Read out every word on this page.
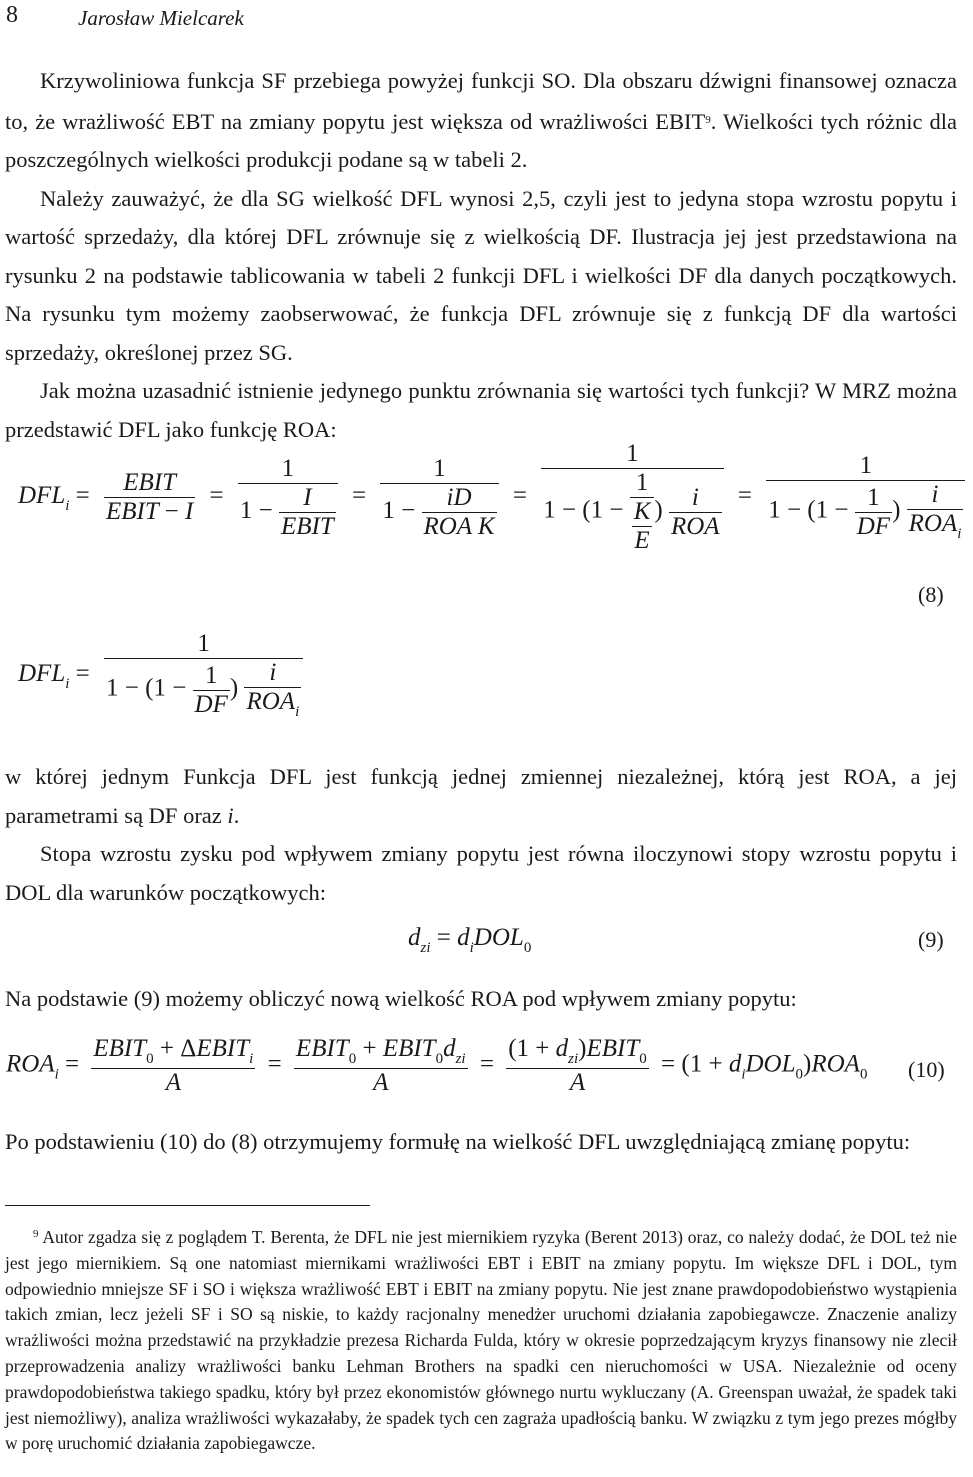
8	Jarosław Mielcarek

Krzywoliniowa funkcja SF przebiega powyżej funkcji SO. Dla obszaru dźwigni finansowej oznacza to, że wrażliwość EBT na zmiany popytu jest większa od wrażliwości EBIT$^9$. Wielkości tych różnic dla poszczególnych wielkości produkcji podane są w tabeli 2.

Należy zauważyć, że dla SG wielkość DFL wynosi 2,5, czyli jest to jedyna stopa wzrostu popytu i wartość sprzedaży, dla której DFL zrównuje się z wielkością DF. Ilustracja jej jest przedstawiona na rysunku 2 na podstawie tablicowania w tabeli 2 funkcji DFL i wielkości DF dla danych początkowych. Na rysunku tym możemy zaobserwować, że funkcja DFL zrównuje się z funkcją DF dla wartości sprzedaży, określonej przez SG.

Jak można uzasadnić istnienie jedynego punktu zrównania się wartości tych funkcji? W MRZ można przedstawić DFL jako funkcję ROA:

$DFL_i$ =	EBIT
EBIT − I
=
1
1 −	I
EBIT
=
1
1 −	iD
ROA K
=
1
$1 - (1 - \frac{1}{\frac{K}{E}}$ )	i
ROA
=
1
$1 - (1 - \frac{1}{DF}$ )
i
$ROA_i$
$DFL_i$ =
1
$1 - (1 - \frac{1}{DF}$ )
i
$ROA_i$
(8)

w której jednym Funkcja DFL jest funkcją jednej zmiennej niezależnej, którą jest ROA, a jej parametrami są DF oraz i.

Stopa wzrostu zysku pod wpływem zmiany popytu jest równa iloczynowi stopy wzrostu popytu i DOL dla warunków początkowych:

$d_{zi} = d_iDOL_0$	(9)

Na podstawie (9) możemy obliczyć nową wielkość ROA pod wpływem zmiany popytu:

$ROA_i$ =
$EBIT_0$ + $\Delta EBIT_i$
A
=
$EBIT_0$ + $EBIT_0d_{zi}$
A
=
$(1 + d_{zi})EBIT_0$
A
= $(1 + d_iDOL_0)ROA_0$ (10)

Po podstawieniu (10) do (8) otrzymujemy formułę na wielkość DFL uwzględniającą zmianę popytu:

$^9$ Autor zgadza się z poglądem T. Berenta, że DFL nie jest miernikiem ryzyka (Berent 2013) oraz, co należy dodać, że DOL też nie jest jego miernikiem. Są one natomiast miernikami wrażliwości EBT i EBIT na zmiany popytu. Im większe DFL i DOL, tym odpowiednio mniejsze SF i SO i większa wrażliwość EBT i EBIT na zmiany popytu. Nie jest znane prawdopodobieństwo wystąpienia takich zmian, lecz jeżeli SF i SO są niskie, to każdy racjonalny menedżer uruchomi działania zapobiegawcze. Znaczenie analizy wrażliwości można przedstawić na przykładzie prezesa Richarda Fulda, który w okresie poprzedzającym kryzys finansowy nie zlecił przeprowadzenia analizy wrażliwości banku Lehman Brothers na spadki cen nieruchomości w USA. Niezależnie od oceny prawdopodobieństwa takiego spadku, który był przez ekonomistów głównego nurtu wykluczany (A. Greenspan uważał, że spadek taki jest niemożliwy), analiza wrażliwości wykazałaby, że spadek tych cen zagraża upadłością banku. W związku z tym jego prezes mógłby w porę uruchomić działania zapobiegawcze.
